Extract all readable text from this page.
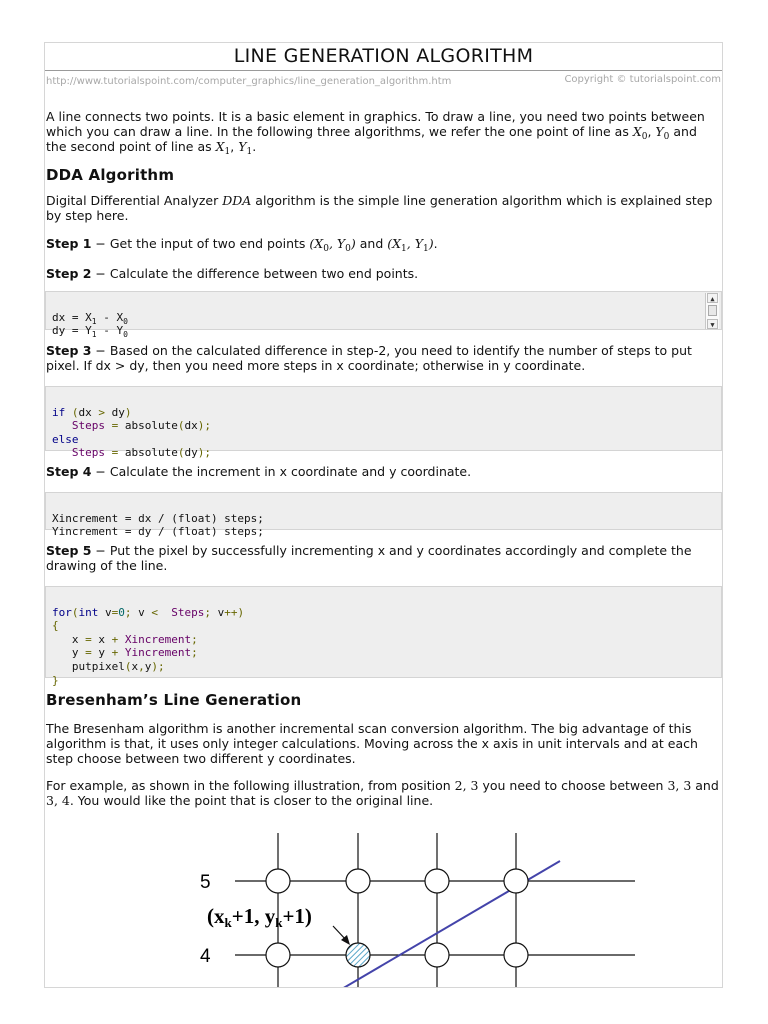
LINE GENERATION ALGORITHM
http://www.tutorialspoint.com/computer_graphics/line_generation_algorithm.htm	Copyright © tutorialspoint.com

A line connects two points. It is a basic element in graphics. To draw a line, you need two points between which you can draw a line. In the following three algorithms, we refer the one point of line as $X_0$, $Y_0$ and the second point of line as $X_1$, $Y_1$.

DDA Algorithm

Digital Differential Analyzer DDA algorithm is the simple line generation algorithm which is explained step by step here.

Step 1 − Get the input of two end points ($X_0$, $Y_0$) and ($X_1$, $Y_1$).

Step 2 − Calculate the difference between two end points.

dx = $X_1 - X_0$
dy = $Y_1 - Y_0$
▲
▼

Step 3 − Based on the calculated difference in step-2, you need to identify the number of steps to put pixel. If dx > dy, then you need more steps in x coordinate; otherwise in y coordinate.

if (dx > dy)
Steps = absolute(dx);
else
Steps = absolute(dy);

Step 4 − Calculate the increment in x coordinate and y coordinate.

Xincrement = dx / (float) steps;
Yincrement = dy / (float) steps;

Step 5 − Put the pixel by successfully incrementing x and y coordinates accordingly and complete the drawing of the line.

for(int v=0; v <  Steps; v++)
{
x = x + Xincrement;
y = y + Yincrement;
putpixel(x,y);
}
Bresenham’s Line Generation

The Bresenham algorithm is another incremental scan conversion algorithm. The big advantage of this algorithm is that, it uses only integer calculations. Moving across the x axis in unit intervals and at each step choose between two different y coordinates.

For example, as shown in the following illustration, from position 2, 3 you need to choose between 3, 3 and 3, 4. You would like the point that is closer to the original line.

5
4
(xk+1, yk+1)
